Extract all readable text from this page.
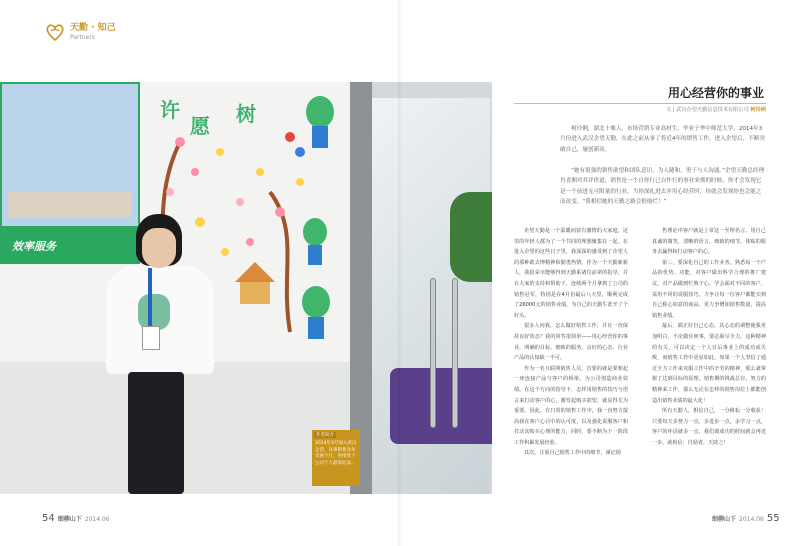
天勤 · 知己
Partners
效率服务
许
愿 树
作者简介
2014年3月加入武汉企望，从事销售业务员两个月，连续签下公司个人最高纪录。
用心经营你的事业
文 | 武汉企望天勤信息技术有限公司 柯玲俐

柯玲俐，湖北十堰人，市场营销专业高材生，毕业于华中师范大学。2014年3月份进入武汉企望天勤，在此之前从事了将近4年的销售工作，进入企望后，不断突破自己，屡创新高。

“她有很强的销售欲望和团队意识，为人随和，勇于与人沟通。”企望天勤总经理肖青湘对其评价道，销售是一个自你行己自作行的事业来彻的时候，你才会发现它是一个前进无可限量的行业，当你深扎进去并用心经营时，你就会发现你也会能之而改变。“我相信她的天勤之路会很灿烂！”

企望天勤是一个温暖而富有激情的大家庭，这里的年轻人都为了一个共同的理想聚集在一起。在进入企望的这些日子里，我深深的感受到了企望人的那种敢去博精神和勤勇热情。作为一个天勤新新人，我很荣幸能够得到天勤系诸位前辈的指导，并在大家的支持和帮助下，连续两个月拿到了公司的销售冠军，特别是在4月份最后八天里，顺利完成了26000元的销售业绩，为自己的天勤生涯开了个好头。

很多人问我，怎么做好销售工作，并且一直保持良好状态？我的回答很简单——用心经营你的事业。明确的目标、细致的服务、良好的心态、行业产品的认知缺一不可。

作为一名互联网销售人员，首要的就是要架起一座连接产品与客户的桥梁，为公司创造商业效绩。在这个方向的指导下，怎样用销售的技巧与语言来打动客户的心，激发起购买欲望，就显得尤为重要。因此，在日常的销售工作中，我一直努力提高我在客户心目中的认可度，以及强化说服客户和打动其购买心理的能力，同时，要不断为下一阶段工作积累发展经验。

其次，注重自己销售工作中的细节，谨记销

售理论中客户就是上帝这一至理名言。用自己真诚的微笑，清晰的语言，细致的细节，体贴的服务去赢得和打动客户的心。

第三，要深化自己的工作业务。熟悉每一个产品的优势、功能，对客户做出科学合理的推广建议，对产品做到烂熟于心，学会面对不同的客户，采用不同的说服技巧。力争让每一位客户都能买到自己称心如意的商品，更力争增加销售数量，提高销售业绩。

最后，端正好自己心态。其心态的调整使我更加明白，不论做任何事，要必须尽全力。这种精神的有关，可以决定一个人日后事业上的成功或失败，而销售工作中更显如此。如果一个人坚信了通过全力工作来克服工作中的辛劳的精神，那么就掌握了达到目标的原理。销售期的挑战总有，努力的精神来工作，那么无论在怎样的销售岗位上都能创造出销售业绩的最大化！

所有天勤人，相信自己，一分耕耘一分收获！只要每天多努力一点，多进步一点，多学习一点，客户的坏话就多一点，我们离成功的时间就会再近一步，就相信：自励者，天助之！

54 细柳山下 2014.06	细柳山下 2014.06 55
